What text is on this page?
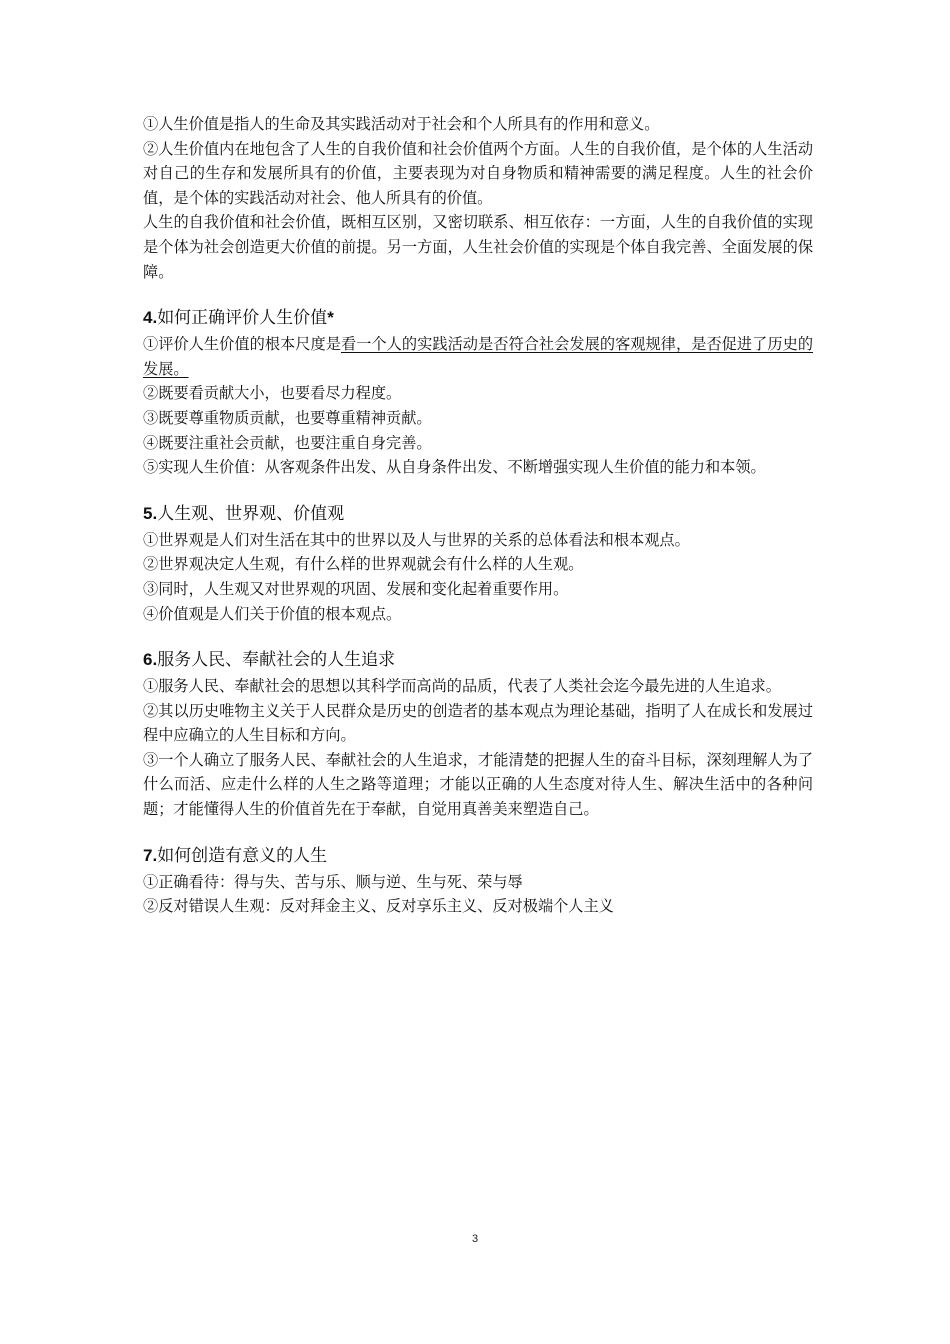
①人生价值是指人的生命及其实践活动对于社会和个人所具有的作用和意义。

②人生价值内在地包含了人生的自我价值和社会价值两个方面。人生的自我价值，是个体的人生活动对自己的生存和发展所具有的价值，主要表现为对自身物质和精神需要的满足程度。人生的社会价值，是个体的实践活动对社会、他人所具有的价值。

人生的自我价值和社会价值，既相互区别，又密切联系、相互依存：一方面，人生的自我价值的实现是个体为社会创造更大价值的前提。另一方面，人生社会价值的实现是个体自我完善、全面发展的保障。

4.如何正确评价人生价值*

①评价人生价值的根本尺度是看一个人的实践活动是否符合社会发展的客观规律，是否促进了历史的发展。

②既要看贡献大小，也要看尽力程度。

③既要尊重物质贡献，也要尊重精神贡献。

④既要注重社会贡献，也要注重自身完善。

⑤实现人生价值：从客观条件出发、从自身条件出发、不断增强实现人生价值的能力和本领。

5.人生观、世界观、价值观

①世界观是人们对生活在其中的世界以及人与世界的关系的总体看法和根本观点。

②世界观决定人生观，有什么样的世界观就会有什么样的人生观。

③同时，人生观又对世界观的巩固、发展和变化起着重要作用。

④价值观是人们关于价值的根本观点。

6.服务人民、奉献社会的人生追求

①服务人民、奉献社会的思想以其科学而高尚的品质，代表了人类社会迄今最先进的人生追求。

②其以历史唯物主义关于人民群众是历史的创造者的基本观点为理论基础，指明了人在成长和发展过程中应确立的人生目标和方向。

③一个人确立了服务人民、奉献社会的人生追求，才能清楚的把握人生的奋斗目标，深刻理解人为了什么而活、应走什么样的人生之路等道理；才能以正确的人生态度对待人生、解决生活中的各种问题；才能懂得人生的价值首先在于奉献，自觉用真善美来塑造自己。

7.如何创造有意义的人生

①正确看待：得与失、苦与乐、顺与逆、生与死、荣与辱

②反对错误人生观：反对拜金主义、反对享乐主义、反对极端个人主义

3
